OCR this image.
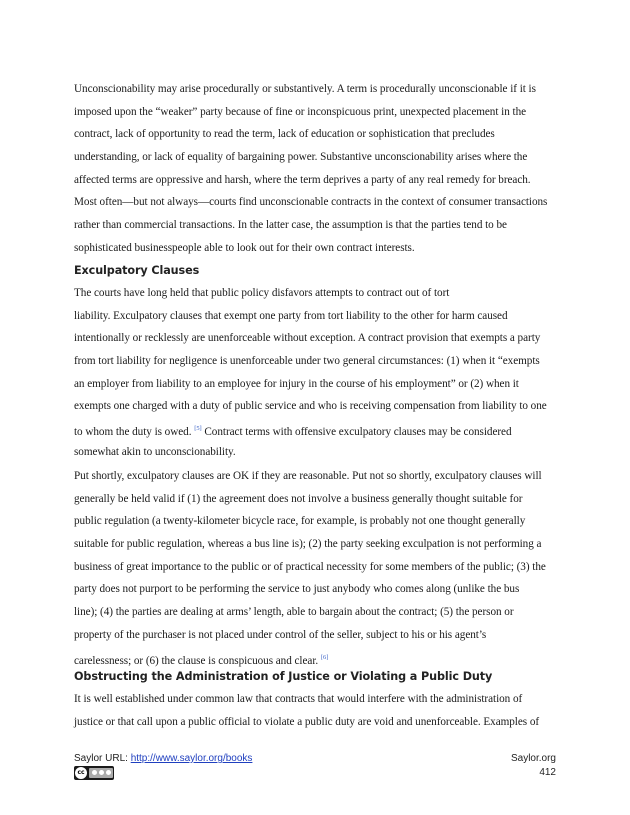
Unconscionability may arise procedurally or substantively. A term is procedurally unconscionable if it is
imposed upon the “weaker” party because of fine or inconspicuous print, unexpected placement in the
contract, lack of opportunity to read the term, lack of education or sophistication that precludes
understanding, or lack of equality of bargaining power. Substantive unconscionability arises where the
affected terms are oppressive and harsh, where the term deprives a party of any real remedy for breach.
Most often—but not always—courts find unconscionable contracts in the context of consumer transactions
rather than commercial transactions. In the latter case, the assumption is that the parties tend to be
sophisticated businesspeople able to look out for their own contract interests.
Exculpatory Clauses
The courts have long held that public policy disfavors attempts to contract out of tort
liability. Exculpatory clauses that exempt one party from tort liability to the other for harm caused
intentionally or recklessly are unenforceable without exception. A contract provision that exempts a party
from tort liability for negligence is unenforceable under two general circumstances: (1) when it “exempts
an employer from liability to an employee for injury in the course of his employment” or (2) when it
exempts one charged with a duty of public service and who is receiving compensation from liability to one
to whom the duty is owed. [5] Contract terms with offensive exculpatory clauses may be considered
somewhat akin to unconscionability.
Put shortly, exculpatory clauses are OK if they are reasonable. Put not so shortly, exculpatory clauses will
generally be held valid if (1) the agreement does not involve a business generally thought suitable for
public regulation (a twenty-kilometer bicycle race, for example, is probably not one thought generally
suitable for public regulation, whereas a bus line is); (2) the party seeking exculpation is not performing a
business of great importance to the public or of practical necessity for some members of the public; (3) the
party does not purport to be performing the service to just anybody who comes along (unlike the bus
line); (4) the parties are dealing at arms’ length, able to bargain about the contract; (5) the person or
property of the purchaser is not placed under control of the seller, subject to his or his agent’s
carelessness; or (6) the clause is conspicuous and clear. [6]
Obstructing the Administration of Justice or Violating a Public Duty
It is well established under common law that contracts that would interfere with the administration of
justice or that call upon a public official to violate a public duty are void and unenforceable. Examples of
Saylor URL: http://www.saylor.org/books
cc
Saylor.org
412
